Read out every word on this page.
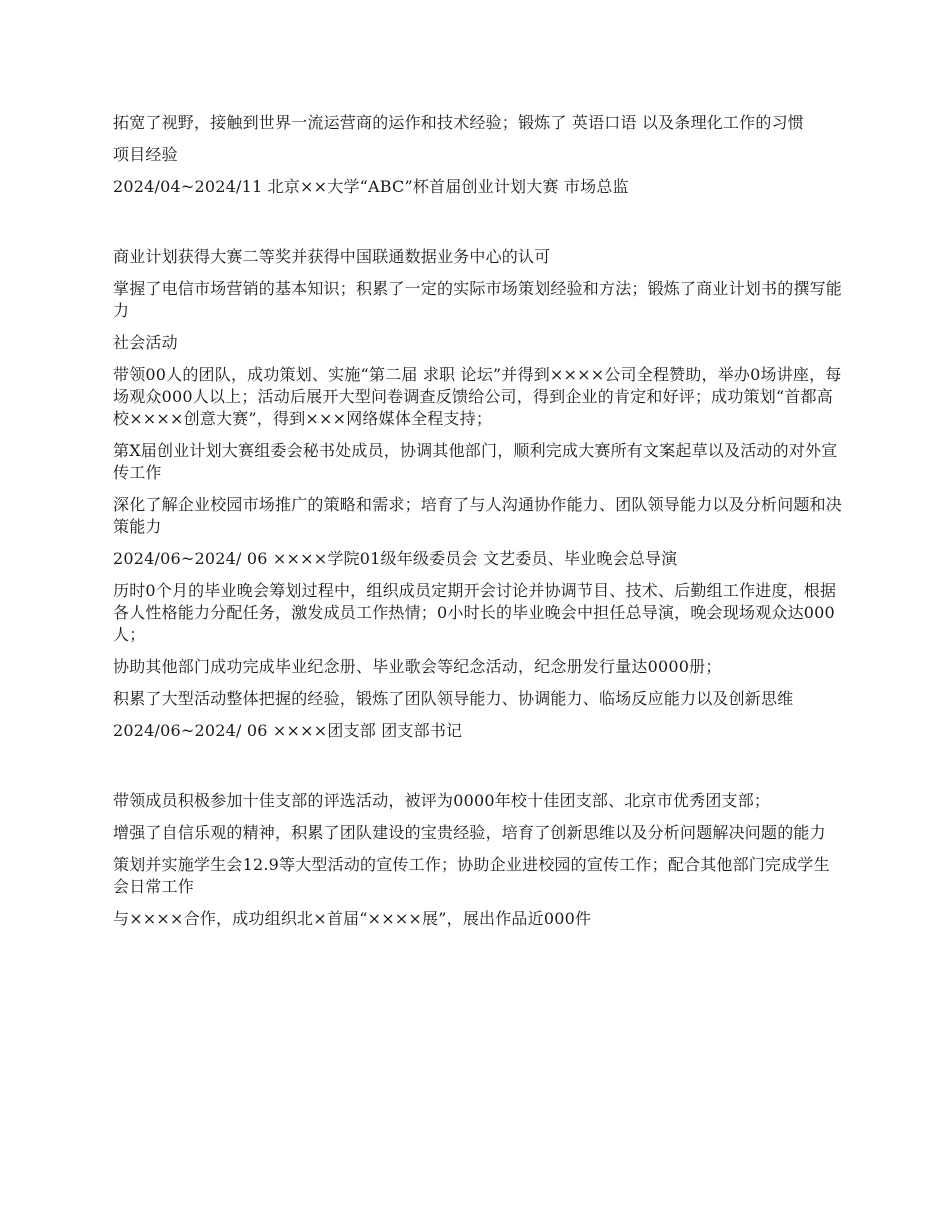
拓宽了视野，接触到世界一流运营商的运作和技术经验；锻炼了 英语口语 以及条理化工作的习惯

项目经验

2024/04~2024/11 北京××大学“ABC”杯首届创业计划大赛 市场总监

商业计划获得大赛二等奖并获得中国联通数据业务中心的认可

掌握了电信市场营销的基本知识；积累了一定的实际市场策划经验和方法；锻炼了商业计划书的撰写能力

社会活动

带领00人的团队，成功策划、实施“第二届 求职 论坛”并得到××××公司全程赞助，举办0场讲座，每场观众000人以上；活动后展开大型问卷调查反馈给公司，得到企业的肯定和好评；成功策划“首都高校××××创意大赛”，得到×××网络媒体全程支持；

第X届创业计划大赛组委会秘书处成员，协调其他部门，顺利完成大赛所有文案起草以及活动的对外宣传工作

深化了解企业校园市场推广的策略和需求；培育了与人沟通协作能力、团队领导能力以及分析问题和决策能力

2024/06~2024/ 06 ××××学院01级年级委员会 文艺委员、毕业晚会总导演

历时0个月的毕业晚会筹划过程中，组织成员定期开会讨论并协调节目、技术、后勤组工作进度，根据各人性格能力分配任务，激发成员工作热情；0小时长的毕业晚会中担任总导演，晚会现场观众达000人；

协助其他部门成功完成毕业纪念册、毕业歌会等纪念活动，纪念册发行量达0000册；

积累了大型活动整体把握的经验，锻炼了团队领导能力、协调能力、临场反应能力以及创新思维

2024/06~2024/ 06 ××××团支部 团支部书记

带领成员积极参加十佳支部的评选活动，被评为0000年校十佳团支部、北京市优秀团支部；

增强了自信乐观的精神，积累了团队建设的宝贵经验，培育了创新思维以及分析问题解决问题的能力

策划并实施学生会12.9等大型活动的宣传工作；协助企业进校园的宣传工作；配合其他部门完成学生会日常工作

与××××合作，成功组织北×首届“××××展”，展出作品近000件
